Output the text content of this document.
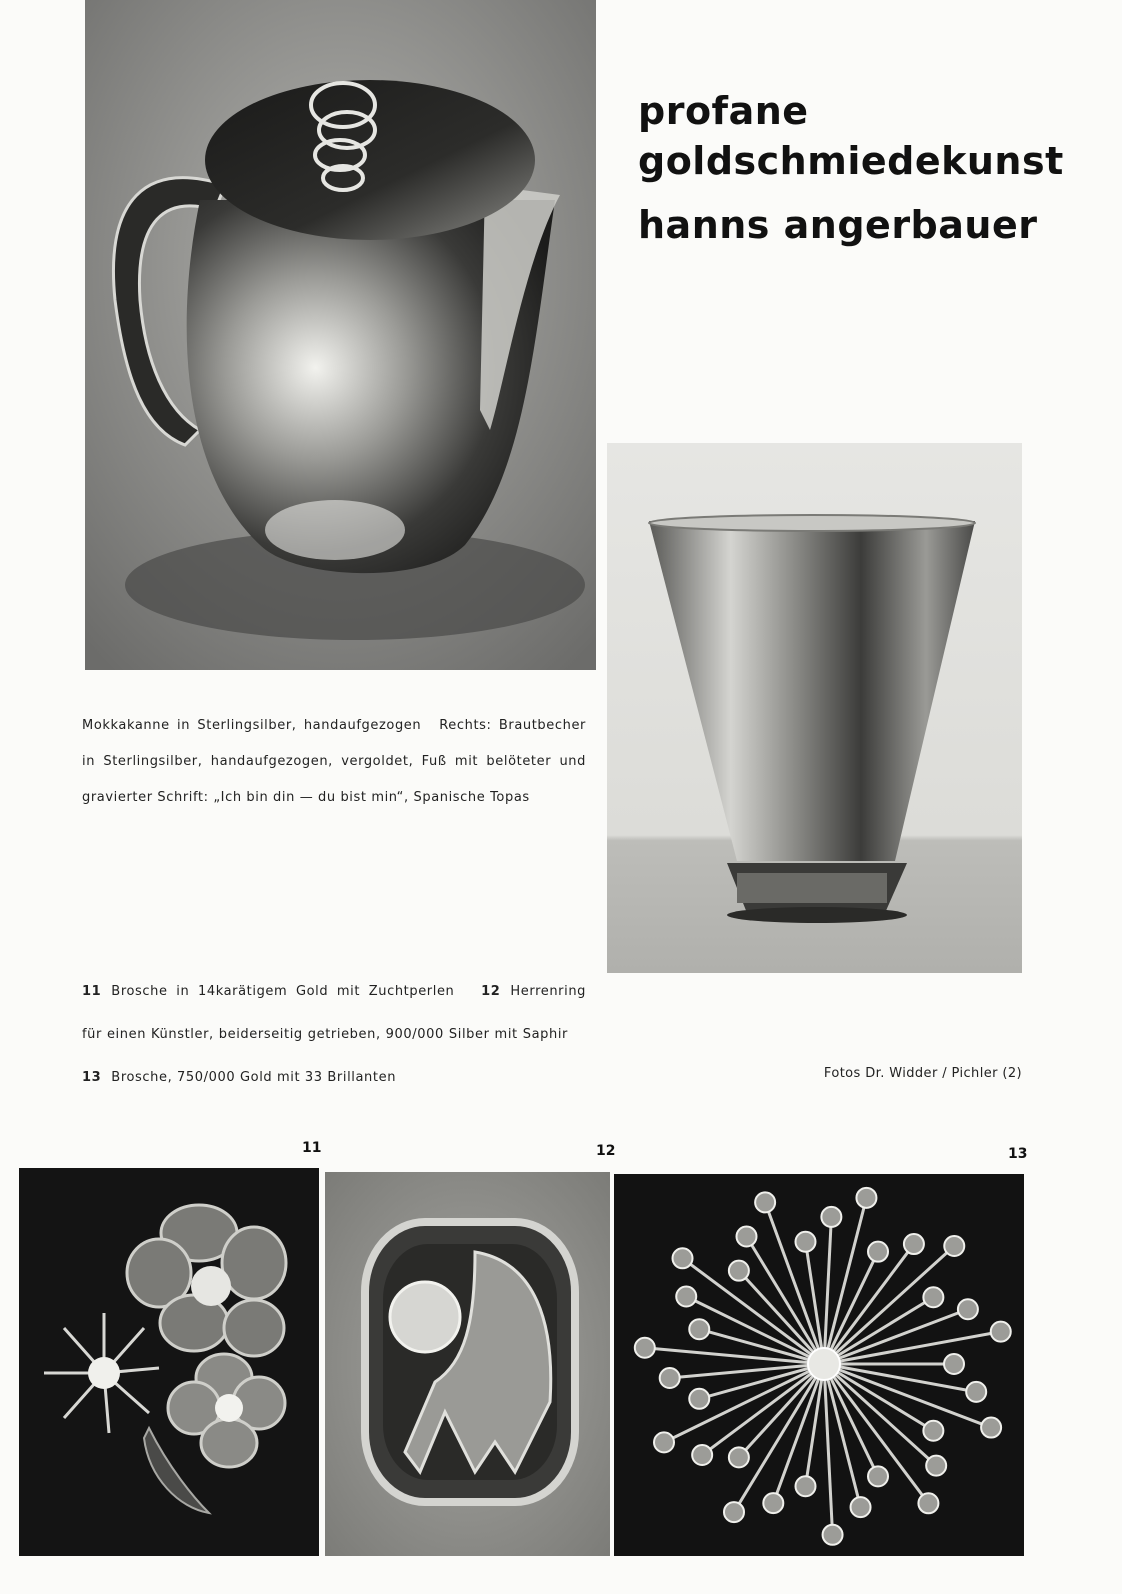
profane
goldschmiedekunst
hanns angerbauer
Mokkakanne in Sterlingsilber, handaufgezogen Rechts: Brautbecher in Sterlingsilber, handaufgezogen, vergoldet, Fuß mit belöteter und gravierter Schrift: „Ich bin din — du bist min“, Spanische Topas
11 Brosche in 14karätigem Gold mit Zuchtperlen 12 Herrenring für einen Künstler, beiderseitig getrieben, 900/000 Silber mit Saphir 13 Brosche, 750/000 Gold mit 33 Brillanten	Fotos Dr. Widder / Pichler (2)
11	12	13
